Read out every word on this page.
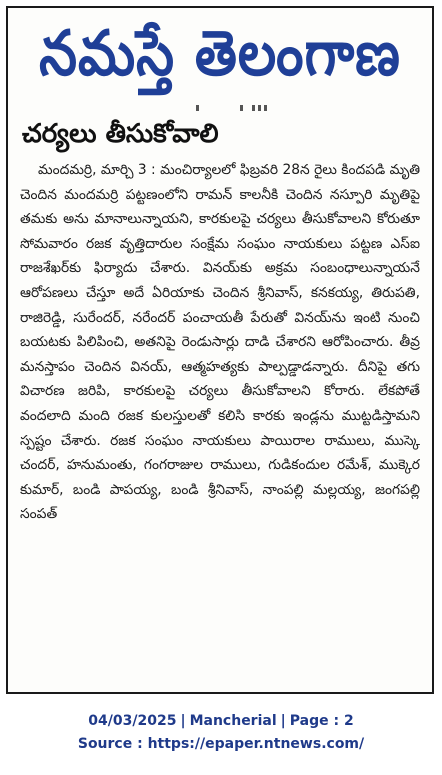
నమస్తే తెలంగాణ
చర్యలు తీసుకోవాలి
మందమర్రి, మార్చి 3 : మంచిర్యాలలో ఫిబ్రవరి 28న రైలు కిందపడి మృతి చెందిన మందమర్రి పట్టణంలోని రామన్ కాలనీకి చెందిన నస్పూరి మృతిపై తమకు అను మానాలున్నాయని, కారకులపై చర్యలు తీసుకోవాలని కోరుతూ సోమవారం రజక వృత్తిదారుల సంక్షేమ సంఘం నాయకులు పట్టణ ఎస్ఐ రాజశేఖర్‌కు ఫిర్యాదు చేశారు. వినయ్‌కు అక్రమ సంబంధాలున్నాయనే ఆరోపణలు చేస్తూ అదే ఏరియాకు చెందిన శ్రీనివాస్, కనకయ్య, తిరుపతి, రాజిరెడ్డి, సురేందర్, నరేందర్ పంచాయతీ పేరుతో వినయ్‌ను ఇంటి నుంచి బయటకు పిలిపించి, అతనిపై రెండుసార్లు దాడి చేశారని ఆరోపించారు. తీవ్ర మనస్తాపం చెందిన వినయ్, ఆత్మహత్యకు పాల్పడ్డాడన్నారు. దీనిపై తగు విచారణ జరిపి, కారకులపై చర్యలు తీసుకోవాలని కోరారు. లేకపోతే వందలాది మంది రజక కులస్తులతో కలిసి కారకు ఇండ్లను ముట్టడిస్తామని స్పష్టం చేశారు. రజక సంఘం నాయకులు పాయిరాల రాములు, ముస్కె చందర్, హనుమంతు, గంగరాజుల రాములు, గుడికందుల రమేశ్, ముక్కెర కుమార్, బండి పాపయ్య, బండి శ్రీనివాస్, నాంపల్లి మల్లయ్య, జంగపల్లి సంపత్
04/03/2025 | Mancherial | Page : 2
Source : https://epaper.ntnews.com/
